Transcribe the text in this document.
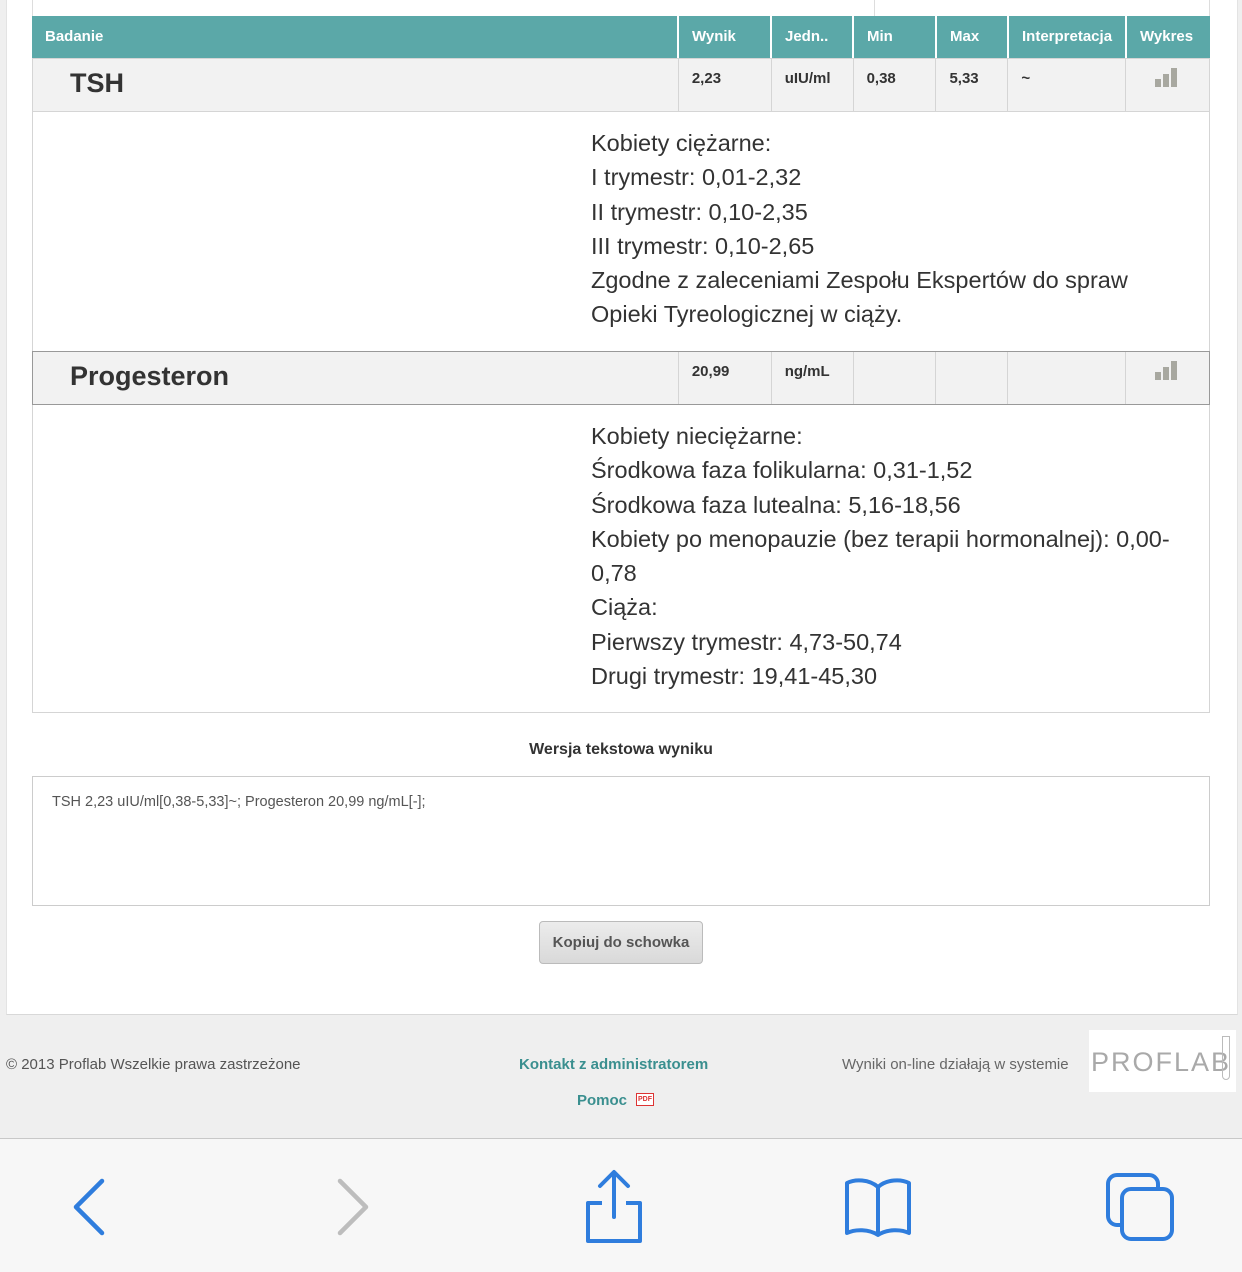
Badanie	Wynik	Jedn..	Min	Max	Interpretacja	Wykres
TSH	2,23	uIU/ml	0,38	5,33	~
Kobiety ciężarne:
I trymestr: 0,01-2,32
II trymestr: 0,10-2,35
III trymestr: 0,10-2,65
Zgodne z zaleceniami Zespołu Ekspertów do spraw
Opieki Tyreologicznej w ciąży.
Progesteron	20,99	ng/mL
Kobiety nieciężarne:
Środkowa faza folikularna: 0,31-1,52
Środkowa faza lutealna: 5,16-18,56
Kobiety po menopauzie (bez terapii hormonalnej): 0,00-
0,78
Ciąża:
Pierwszy trymestr: 4,73-50,74
Drugi trymestr: 19,41-45,30
Wersja tekstowa wyniku
TSH 2,23 uIU/ml[0,38-5,33]~; Progesteron 20,99 ng/mL[-];
Kopiuj do schowka
© 2013 Proflab Wszelkie prawa zastrzeżone	Kontakt z administratorem
Pomoc PDF
Wyniki on-line działają w systemie PROFLAB
